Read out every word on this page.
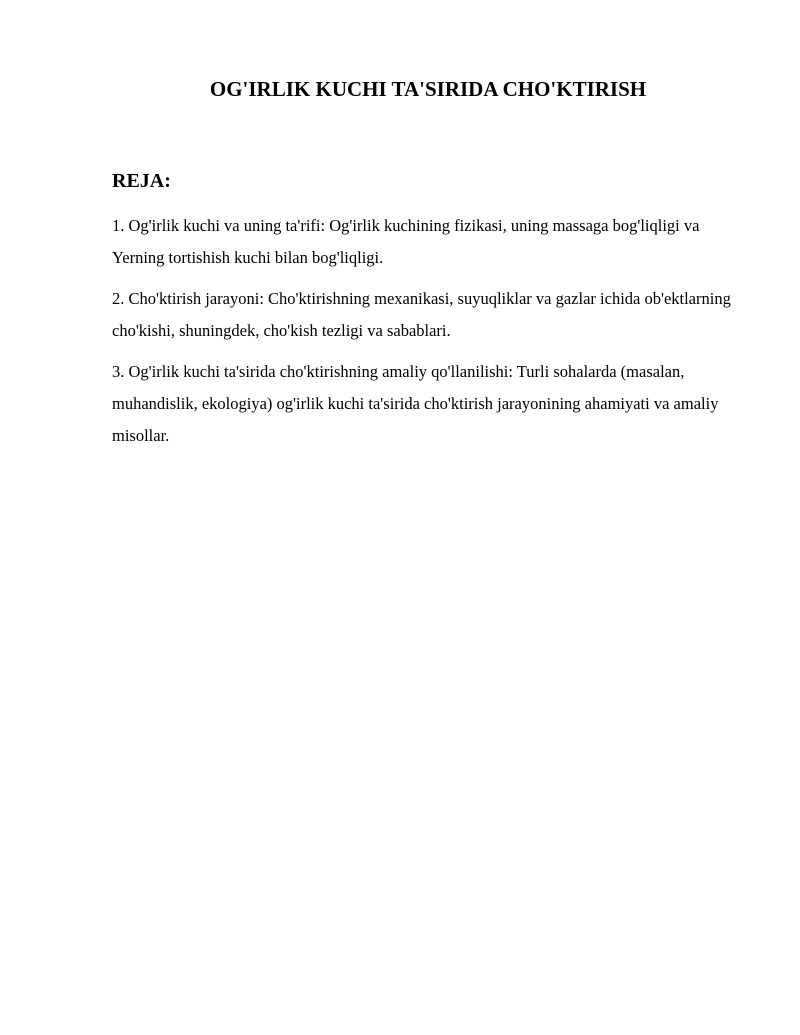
OG'IRLIK KUCHI TA'SIRIDA CHO'KTIRISH
REJA:
1. Og'irlik kuchi va uning ta'rifi: Og'irlik kuchining fizikasi, uning massaga bog'liqligi va Yerning tortishish kuchi bilan bog'liqligi.
2. Cho'ktirish jarayoni: Cho'ktirishning mexanikasi, suyuqliklar va gazlar ichida ob'ektlarning cho'kishi, shuningdek, cho'kish tezligi va sabablari.
3. Og'irlik kuchi ta'sirida cho'ktirishning amaliy qo'llanilishi: Turli sohalarda (masalan, muhandislik, ekologiya) og'irlik kuchi ta'sirida cho'ktirish jarayonining ahamiyati va amaliy misollar.
